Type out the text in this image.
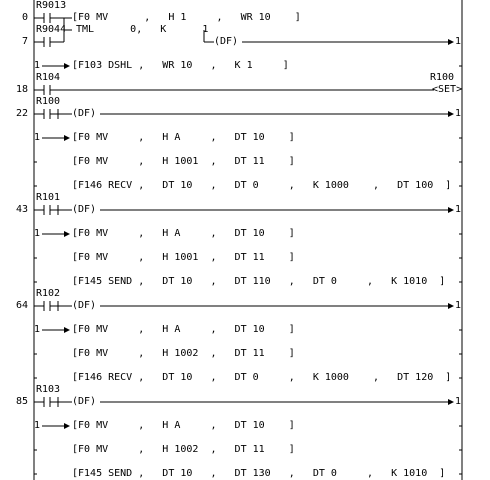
R9013
0	[F0 MV      ,   H 1     ,   WR 10    ]
R9044 TML      0,   K      1
7	(DF)	1
1	[F103 DSHL ,   WR 10   ,   K 1     ]
R104	R100
18	<SET>
R100
22	(DF)	1
1	[F0 MV     ,   H A     ,   DT 10    ]
[F0 MV     ,   H 1001  ,   DT 11    ]
[F146 RECV ,   DT 10   ,   DT 0     ,   K 1000    ,   DT 100  ]
R101
43	(DF)	1
1	[F0 MV     ,   H A     ,   DT 10    ]
[F0 MV     ,   H 1001  ,   DT 11    ]
[F145 SEND ,   DT 10   ,   DT 110   ,   DT 0     ,   K 1010  ]
R102
64	(DF)	1
1	[F0 MV     ,   H A     ,   DT 10    ]
[F0 MV     ,   H 1002  ,   DT 11    ]
[F146 RECV ,   DT 10   ,   DT 0     ,   K 1000    ,   DT 120  ]
R103
85	(DF)	1
1	[F0 MV     ,   H A     ,   DT 10    ]
[F0 MV     ,   H 1002  ,   DT 11    ]
[F145 SEND ,   DT 10   ,   DT 130   ,   DT 0     ,   K 1010  ]
